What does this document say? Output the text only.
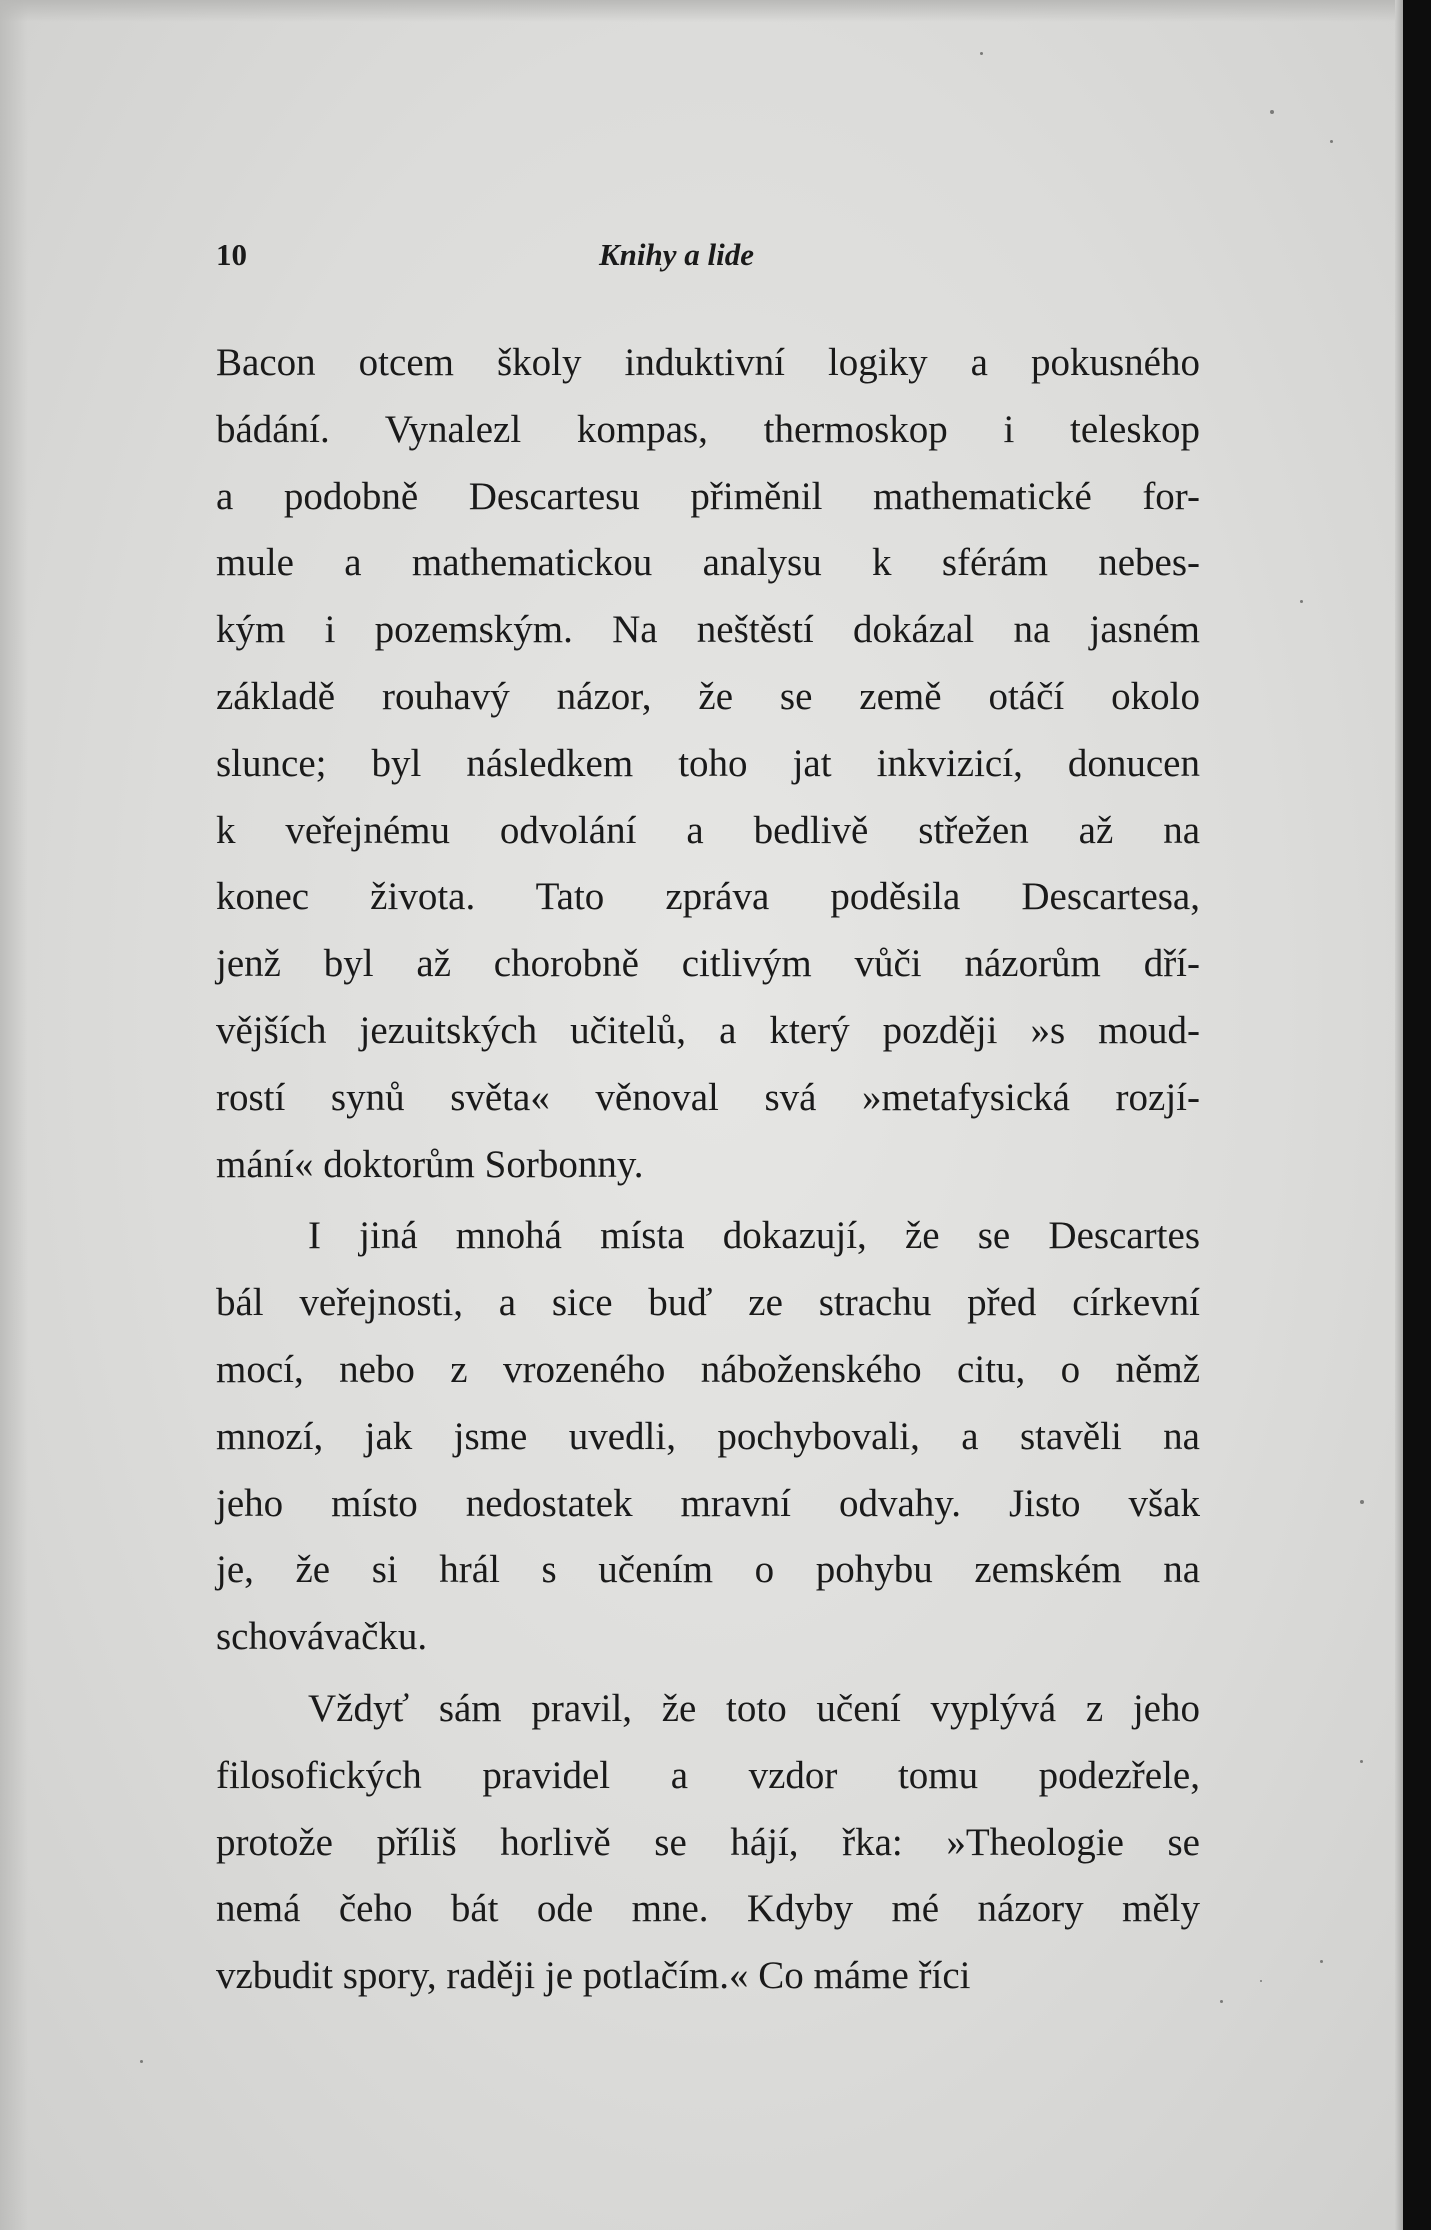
10	Knihy a lide
Bacon otcem školy induktivní logiky a pokusného
bádání. Vynalezl kompas, thermoskop i teleskop
a podobně Descartesu přiměnil mathematické for-
mule a mathematickou analysu k sférám nebes-
kým i pozemským. Na neštěstí dokázal na jasném
základě rouhavý názor, že se země otáčí okolo
slunce; byl následkem toho jat inkvizicí, donucen
k veřejnému odvolání a bedlivě střežen až na
konec života. Tato zpráva poděsila Descartesa,
jenž byl až chorobně citlivým vůči názorům dří-
vějších jezuitských učitelů, a který později »s moud-
rostí synů světa« věnoval svá »metafysická rozjí-
mání« doktorům Sorbonny.
I jiná mnohá místa dokazují, že se Descartes
bál veřejnosti, a sice buď ze strachu před církevní
mocí, nebo z vrozeného náboženského citu, o němž
mnozí, jak jsme uvedli, pochybovali, a stavěli na
jeho místo nedostatek mravní odvahy. Jisto však
je, že si hrál s učením o pohybu zemském na
schovávačku.
Vždyť sám pravil, že toto učení vyplývá z jeho
filosofických pravidel a vzdor tomu podezřele,
protože příliš horlivě se hájí, řka: »Theologie se
nemá čeho bát ode mne. Kdyby mé názory měly
vzbudit spory, raději je potlačím.« Co máme říci
